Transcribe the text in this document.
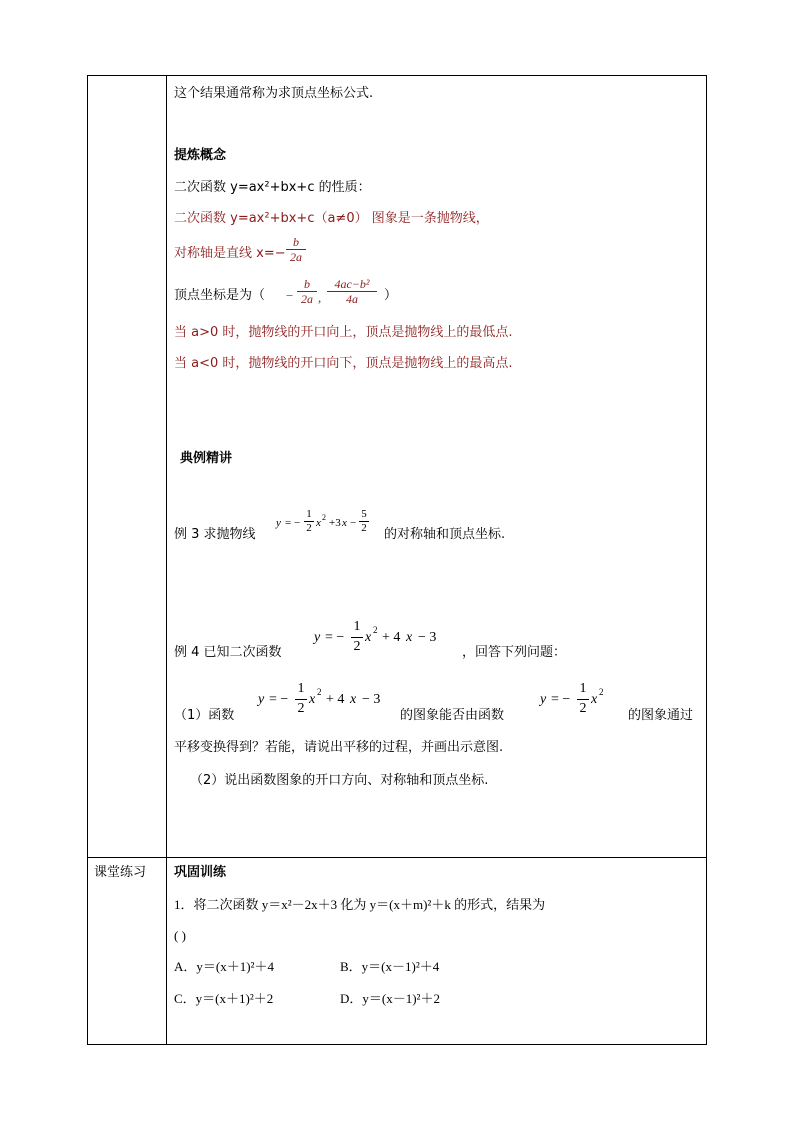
这个结果通常称为求顶点坐标公式.
提炼概念
二次函数 y=ax²+bx+c 的性质：
二次函数 y=ax²+bx+c（a≠0） 图象是一条抛物线，
对称轴是直线 x=−
b
2a
顶点坐标是为（ −
b
2a ,
4ac−b²
4a	）
当 a>0 时，抛物线的开口向上，顶点是抛物线上的最低点.
当 a<0 时，抛物线的开口向下，顶点是抛物线上的最高点.
典例精讲
例 3 求抛物线
y = −
1
2 x 2 +3 x −
5
2 的对称轴和顶点坐标.
例 4 已知二次函数
y = −
1
2
x 2 + 4 x − 3
，回答下列问题：
（1）函数
y = −
1
2
x 2 + 4 x − 3
的图象能否由函数
y = −
1
2
x 2
的图象通过
平移变换得到？若能，请说出平移的过程，并画出示意图.
（2）说出函数图象的开口方向、对称轴和顶点坐标.
课堂练习 巩固训练
1．将二次函数 y＝x²－2x＋3 化为 y＝(x＋m)²＋k 的形式，结果为
( )
A．y＝(x＋1)²＋4	B．y＝(x－1)²＋4
C．y＝(x＋1)²＋2	D．y＝(x－1)²＋2
